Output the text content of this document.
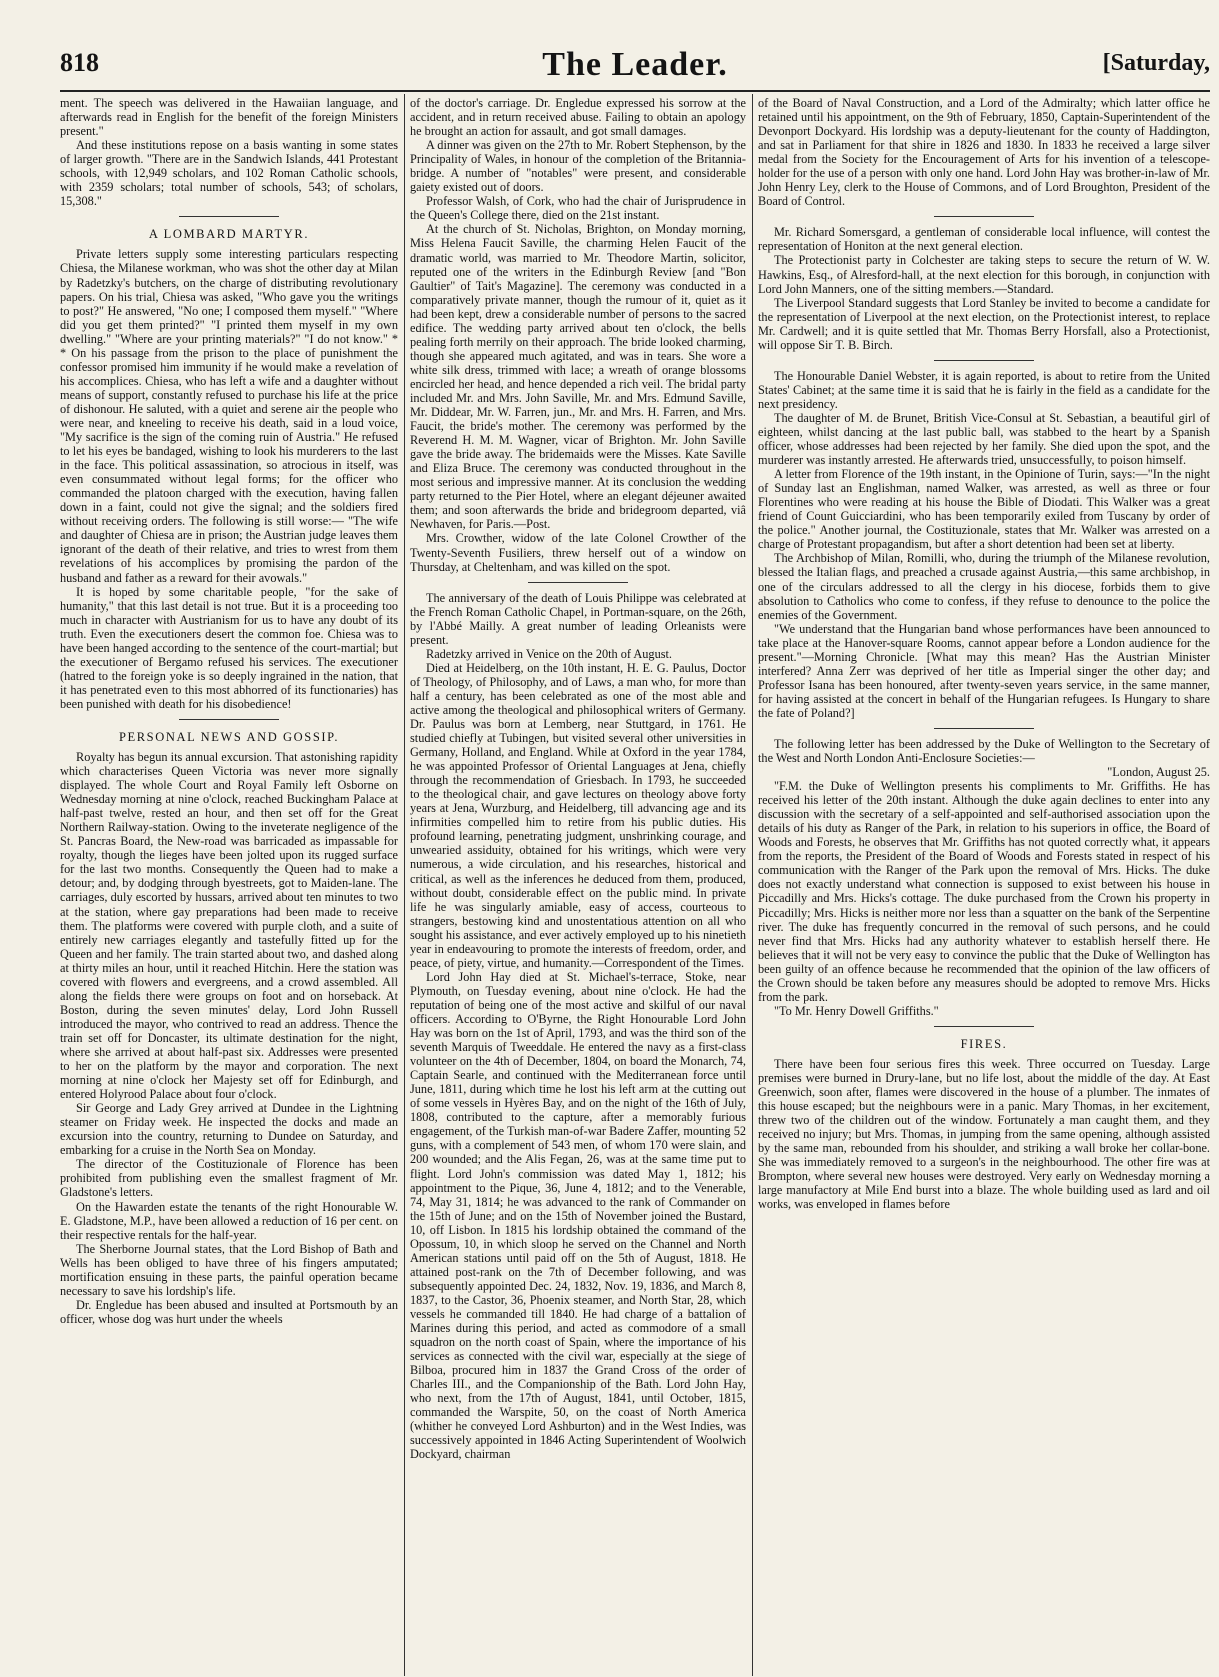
818	The Leader.	[Saturday,

ment. The speech was delivered in the Hawaiian language, and afterwards read in English for the benefit of the foreign Ministers present."

And these institutions repose on a basis wanting in some states of larger growth. "There are in the Sandwich Islands, 441 Protestant schools, with 12,949 scholars, and 102 Roman Catholic schools, with 2359 scholars; total number of schools, 543; of scholars, 15,308."

A LOMBARD MARTYR.

Private letters supply some interesting particulars respecting Chiesa, the Milanese workman, who was shot the other day at Milan by Radetzky's butchers, on the charge of distributing revolutionary papers. On his trial, Chiesa was asked, "Who gave you the writings to post?" He answered, "No one; I composed them myself." "Where did you get them printed?" "I printed them myself in my own dwelling." "Where are your printing materials?" "I do not know." * * On his passage from the prison to the place of punishment the confessor promised him immunity if he would make a revelation of his accomplices. Chiesa, who has left a wife and a daughter without means of support, constantly refused to purchase his life at the price of dishonour. He saluted, with a quiet and serene air the people who were near, and kneeling to receive his death, said in a loud voice, "My sacrifice is the sign of the coming ruin of Austria." He refused to let his eyes be bandaged, wishing to look his murderers to the last in the face. This political assassination, so atrocious in itself, was even consummated without legal forms; for the officer who commanded the platoon charged with the execution, having fallen down in a faint, could not give the signal; and the soldiers fired without receiving orders. The following is still worse:— "The wife and daughter of Chiesa are in prison; the Austrian judge leaves them ignorant of the death of their relative, and tries to wrest from them revelations of his accomplices by promising the pardon of the husband and father as a reward for their avowals."

It is hoped by some charitable people, "for the sake of humanity," that this last detail is not true. But it is a proceeding too much in character with Austrianism for us to have any doubt of its truth. Even the executioners desert the common foe. Chiesa was to have been hanged according to the sentence of the court-martial; but the executioner of Bergamo refused his services. The executioner (hatred to the foreign yoke is so deeply ingrained in the nation, that it has penetrated even to this most abhorred of its functionaries) has been punished with death for his disobedience!

PERSONAL NEWS AND GOSSIP.

Royalty has begun its annual excursion. That astonishing rapidity which characterises Queen Victoria was never more signally displayed. The whole Court and Royal Family left Osborne on Wednesday morning at nine o'clock, reached Buckingham Palace at half-past twelve, rested an hour, and then set off for the Great Northern Railway-station. Owing to the inveterate negligence of the St. Pancras Board, the New-road was barricaded as impassable for royalty, though the lieges have been jolted upon its rugged surface for the last two months. Consequently the Queen had to make a detour; and, by dodging through byestreets, got to Maiden-lane. The carriages, duly escorted by hussars, arrived about ten minutes to two at the station, where gay preparations had been made to receive them. The platforms were covered with purple cloth, and a suite of entirely new carriages elegantly and tastefully fitted up for the Queen and her family. The train started about two, and dashed along at thirty miles an hour, until it reached Hitchin. Here the station was covered with flowers and evergreens, and a crowd assembled. All along the fields there were groups on foot and on horseback. At Boston, during the seven minutes' delay, Lord John Russell introduced the mayor, who contrived to read an address. Thence the train set off for Doncaster, its ultimate destination for the night, where she arrived at about half-past six. Addresses were presented to her on the platform by the mayor and corporation. The next morning at nine o'clock her Majesty set off for Edinburgh, and entered Holyrood Palace about four o'clock.

Sir George and Lady Grey arrived at Dundee in the Lightning steamer on Friday week. He inspected the docks and made an excursion into the country, returning to Dundee on Saturday, and embarking for a cruise in the North Sea on Monday.

The director of the Costituzionale of Florence has been prohibited from publishing even the smallest fragment of Mr. Gladstone's letters.

On the Hawarden estate the tenants of the right Honourable W. E. Gladstone, M.P., have been allowed a reduction of 16 per cent. on their respective rentals for the half-year.

The Sherborne Journal states, that the Lord Bishop of Bath and Wells has been obliged to have three of his fingers amputated; mortification ensuing in these parts, the painful operation became necessary to save his lordship's life.

Dr. Engledue has been abused and insulted at Portsmouth by an officer, whose dog was hurt under the wheels

of the doctor's carriage. Dr. Engledue expressed his sorrow at the accident, and in return received abuse. Failing to obtain an apology he brought an action for assault, and got small damages.

A dinner was given on the 27th to Mr. Robert Stephenson, by the Principality of Wales, in honour of the completion of the Britannia-bridge. A number of "notables" were present, and considerable gaiety existed out of doors.

Professor Walsh, of Cork, who had the chair of Jurisprudence in the Queen's College there, died on the 21st instant.

At the church of St. Nicholas, Brighton, on Monday morning, Miss Helena Faucit Saville, the charming Helen Faucit of the dramatic world, was married to Mr. Theodore Martin, solicitor, reputed one of the writers in the Edinburgh Review [and "Bon Gaultier" of Tait's Magazine]. The ceremony was conducted in a comparatively private manner, though the rumour of it, quiet as it had been kept, drew a considerable number of persons to the sacred edifice. The wedding party arrived about ten o'clock, the bells pealing forth merrily on their approach. The bride looked charming, though she appeared much agitated, and was in tears. She wore a white silk dress, trimmed with lace; a wreath of orange blossoms encircled her head, and hence depended a rich veil. The bridal party included Mr. and Mrs. John Saville, Mr. and Mrs. Edmund Saville, Mr. Diddear, Mr. W. Farren, jun., Mr. and Mrs. H. Farren, and Mrs. Faucit, the bride's mother. The ceremony was performed by the Reverend H. M. M. Wagner, vicar of Brighton. Mr. John Saville gave the bride away. The bridemaids were the Misses. Kate Saville and Eliza Bruce. The ceremony was conducted throughout in the most serious and impressive manner. At its conclusion the wedding party returned to the Pier Hotel, where an elegant déjeuner awaited them; and soon afterwards the bride and bridegroom departed, viâ Newhaven, for Paris.—Post.

Mrs. Crowther, widow of the late Colonel Crowther of the Twenty-Seventh Fusiliers, threw herself out of a window on Thursday, at Cheltenham, and was killed on the spot.

The anniversary of the death of Louis Philippe was celebrated at the French Roman Catholic Chapel, in Portman-square, on the 26th, by l'Abbé Mailly. A great number of leading Orleanists were present.

Radetzky arrived in Venice on the 20th of August.

Died at Heidelberg, on the 10th instant, H. E. G. Paulus, Doctor of Theology, of Philosophy, and of Laws, a man who, for more than half a century, has been celebrated as one of the most able and active among the theological and philosophical writers of Germany. Dr. Paulus was born at Lemberg, near Stuttgard, in 1761. He studied chiefly at Tubingen, but visited several other universities in Germany, Holland, and England. While at Oxford in the year 1784, he was appointed Professor of Oriental Languages at Jena, chiefly through the recommendation of Griesbach. In 1793, he succeeded to the theological chair, and gave lectures on theology above forty years at Jena, Wurzburg, and Heidelberg, till advancing age and its infirmities compelled him to retire from his public duties. His profound learning, penetrating judgment, unshrinking courage, and unwearied assiduity, obtained for his writings, which were very numerous, a wide circulation, and his researches, historical and critical, as well as the inferences he deduced from them, produced, without doubt, considerable effect on the public mind. In private life he was singularly amiable, easy of access, courteous to strangers, bestowing kind and unostentatious attention on all who sought his assistance, and ever actively employed up to his ninetieth year in endeavouring to promote the interests of freedom, order, and peace, of piety, virtue, and humanity.—Correspondent of the Times.

Lord John Hay died at St. Michael's-terrace, Stoke, near Plymouth, on Tuesday evening, about nine o'clock. He had the reputation of being one of the most active and skilful of our naval officers. According to O'Byrne, the Right Honourable Lord John Hay was born on the 1st of April, 1793, and was the third son of the seventh Marquis of Tweeddale. He entered the navy as a first-class volunteer on the 4th of December, 1804, on board the Monarch, 74, Captain Searle, and continued with the Mediterranean force until June, 1811, during which time he lost his left arm at the cutting out of some vessels in Hyères Bay, and on the night of the 16th of July, 1808, contributed to the capture, after a memorably furious engagement, of the Turkish man-of-war Badere Zaffer, mounting 52 guns, with a complement of 543 men, of whom 170 were slain, and 200 wounded; and the Alis Fegan, 26, was at the same time put to flight. Lord John's commission was dated May 1, 1812; his appointment to the Pique, 36, June 4, 1812; and to the Venerable, 74, May 31, 1814; he was advanced to the rank of Commander on the 15th of June; and on the 15th of November joined the Bustard, 10, off Lisbon. In 1815 his lordship obtained the command of the Opossum, 10, in which sloop he served on the Channel and North American stations until paid off on the 5th of August, 1818. He attained post-rank on the 7th of December following, and was subsequently appointed Dec. 24, 1832, Nov. 19, 1836, and March 8, 1837, to the Castor, 36, Phoenix steamer, and North Star, 28, which vessels he commanded till 1840. He had charge of a battalion of Marines during this period, and acted as commodore of a small squadron on the north coast of Spain, where the importance of his services as connected with the civil war, especially at the siege of Bilboa, procured him in 1837 the Grand Cross of the order of Charles III., and the Companionship of the Bath. Lord John Hay, who next, from the 17th of August, 1841, until October, 1815, commanded the Warspite, 50, on the coast of North America (whither he conveyed Lord Ashburton) and in the West Indies, was successively appointed in 1846 Acting Superintendent of Woolwich Dockyard, chairman

of the Board of Naval Construction, and a Lord of the Admiralty; which latter office he retained until his appointment, on the 9th of February, 1850, Captain-Superintendent of the Devonport Dockyard. His lordship was a deputy-lieutenant for the county of Haddington, and sat in Parliament for that shire in 1826 and 1830. In 1833 he received a large silver medal from the Society for the Encouragement of Arts for his invention of a telescope-holder for the use of a person with only one hand. Lord John Hay was brother-in-law of Mr. John Henry Ley, clerk to the House of Commons, and of Lord Broughton, President of the Board of Control.

Mr. Richard Somersgard, a gentleman of considerable local influence, will contest the representation of Honiton at the next general election.

The Protectionist party in Colchester are taking steps to secure the return of W. W. Hawkins, Esq., of Alresford-hall, at the next election for this borough, in conjunction with Lord John Manners, one of the sitting members.—Standard.

The Liverpool Standard suggests that Lord Stanley be invited to become a candidate for the representation of Liverpool at the next election, on the Protectionist interest, to replace Mr. Cardwell; and it is quite settled that Mr. Thomas Berry Horsfall, also a Protectionist, will oppose Sir T. B. Birch.

The Honourable Daniel Webster, it is again reported, is about to retire from the United States' Cabinet; at the same time it is said that he is fairly in the field as a candidate for the next presidency.

The daughter of M. de Brunet, British Vice-Consul at St. Sebastian, a beautiful girl of eighteen, whilst dancing at the last public ball, was stabbed to the heart by a Spanish officer, whose addresses had been rejected by her family. She died upon the spot, and the murderer was instantly arrested. He afterwards tried, unsuccessfully, to poison himself.

A letter from Florence of the 19th instant, in the Opinione of Turin, says:—"In the night of Sunday last an Englishman, named Walker, was arrested, as well as three or four Florentines who were reading at his house the Bible of Diodati. This Walker was a great friend of Count Guicciardini, who has been temporarily exiled from Tuscany by order of the police." Another journal, the Costituzionale, states that Mr. Walker was arrested on a charge of Protestant propagandism, but after a short detention had been set at liberty.

The Archbishop of Milan, Romilli, who, during the triumph of the Milanese revolution, blessed the Italian flags, and preached a crusade against Austria,—this same archbishop, in one of the circulars addressed to all the clergy in his diocese, forbids them to give absolution to Catholics who come to confess, if they refuse to denounce to the police the enemies of the Government.

"We understand that the Hungarian band whose performances have been announced to take place at the Hanover-square Rooms, cannot appear before a London audience for the present."—Morning Chronicle. [What may this mean? Has the Austrian Minister interfered? Anna Zerr was deprived of her title as Imperial singer the other day; and Professor Isana has been honoured, after twenty-seven years service, in the same manner, for having assisted at the concert in behalf of the Hungarian refugees. Is Hungary to share the fate of Poland?]

The following letter has been addressed by the Duke of Wellington to the Secretary of the West and North London Anti-Enclosure Societies:—

"London, August 25.

"F.M. the Duke of Wellington presents his compliments to Mr. Griffiths. He has received his letter of the 20th instant. Although the duke again declines to enter into any discussion with the secretary of a self-appointed and self-authorised association upon the details of his duty as Ranger of the Park, in relation to his superiors in office, the Board of Woods and Forests, he observes that Mr. Griffiths has not quoted correctly what, it appears from the reports, the President of the Board of Woods and Forests stated in respect of his communication with the Ranger of the Park upon the removal of Mrs. Hicks. The duke does not exactly understand what connection is supposed to exist between his house in Piccadilly and Mrs. Hicks's cottage. The duke purchased from the Crown his property in Piccadilly; Mrs. Hicks is neither more nor less than a squatter on the bank of the Serpentine river. The duke has frequently concurred in the removal of such persons, and he could never find that Mrs. Hicks had any authority whatever to establish herself there. He believes that it will not be very easy to convince the public that the Duke of Wellington has been guilty of an offence because he recommended that the opinion of the law officers of the Crown should be taken before any measures should be adopted to remove Mrs. Hicks from the park.

"To Mr. Henry Dowell Griffiths."

FIRES.

There have been four serious fires this week. Three occurred on Tuesday. Large premises were burned in Drury-lane, but no life lost, about the middle of the day. At East Greenwich, soon after, flames were discovered in the house of a plumber. The inmates of this house escaped; but the neighbours were in a panic. Mary Thomas, in her excitement, threw two of the children out of the window. Fortunately a man caught them, and they received no injury; but Mrs. Thomas, in jumping from the same opening, although assisted by the same man, rebounded from his shoulder, and striking a wall broke her collar-bone. She was immediately removed to a surgeon's in the neighbourhood. The other fire was at Brompton, where several new houses were destroyed. Very early on Wednesday morning a large manufactory at Mile End burst into a blaze. The whole building used as lard and oil works, was enveloped in flames before
